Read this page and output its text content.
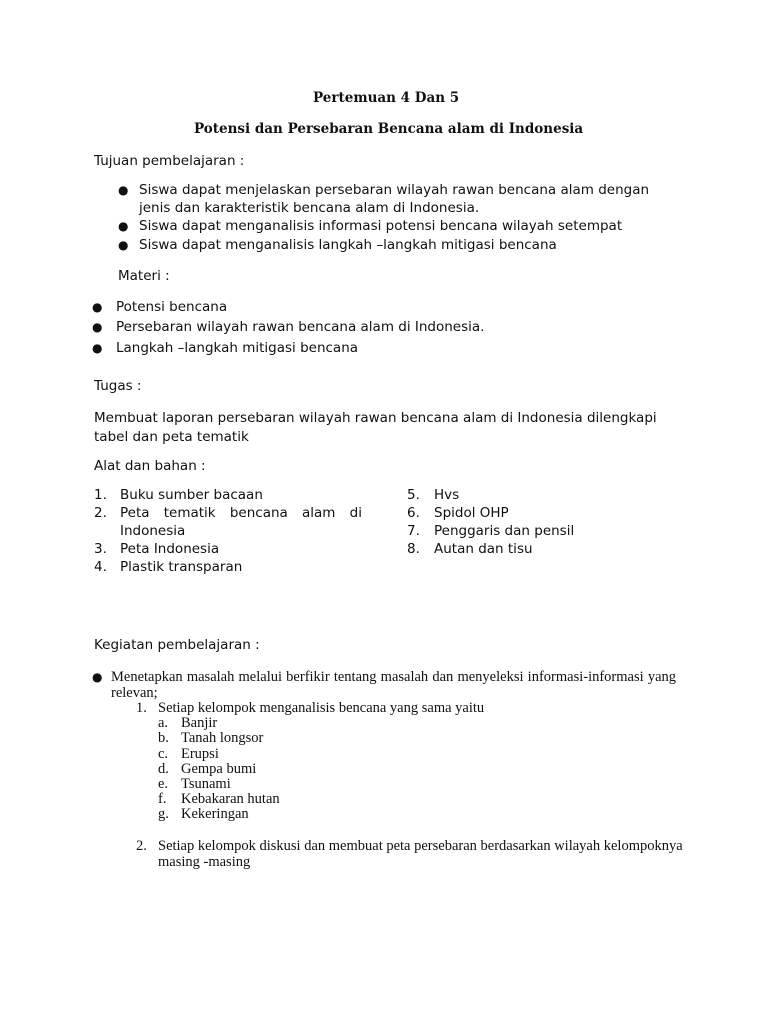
Pertemuan 4 Dan 5
Potensi dan Persebaran Bencana alam di Indonesia
Tujuan pembelajaran :
● Siswa dapat menjelaskan persebaran wilayah rawan bencana alam dengan
jenis dan karakteristik bencana alam di Indonesia.
● Siswa dapat menganalisis informasi potensi bencana wilayah setempat
● Siswa dapat menganalisis langkah –langkah mitigasi bencana
Materi :
● Potensi bencana
● Persebaran wilayah rawan bencana alam di Indonesia.
● Langkah –langkah mitigasi bencana
Tugas :
Membuat laporan persebaran wilayah rawan bencana alam di Indonesia dilengkapi
tabel dan peta tematik
Alat dan bahan :
1. Buku sumber bacaan
2. Peta tematik bencana alam di
Indonesia
3. Peta Indonesia
4. Plastik transparan
5. Hvs
6. Spidol OHP
7. Penggaris dan pensil
8. Autan dan tisu
Kegiatan pembelajaran :
● Menetapkan masalah melalui berfikir tentang masalah dan menyeleksi informasi-informasi yang
relevan;
1. Setiap kelompok menganalisis bencana yang sama yaitu
a. Banjir
b. Tanah longsor
c. Erupsi
d. Gempa bumi
e. Tsunami
f. Kebakaran hutan
g. Kekeringan
2. Setiap kelompok diskusi dan membuat peta persebaran berdasarkan wilayah kelompoknya
masing -masing
